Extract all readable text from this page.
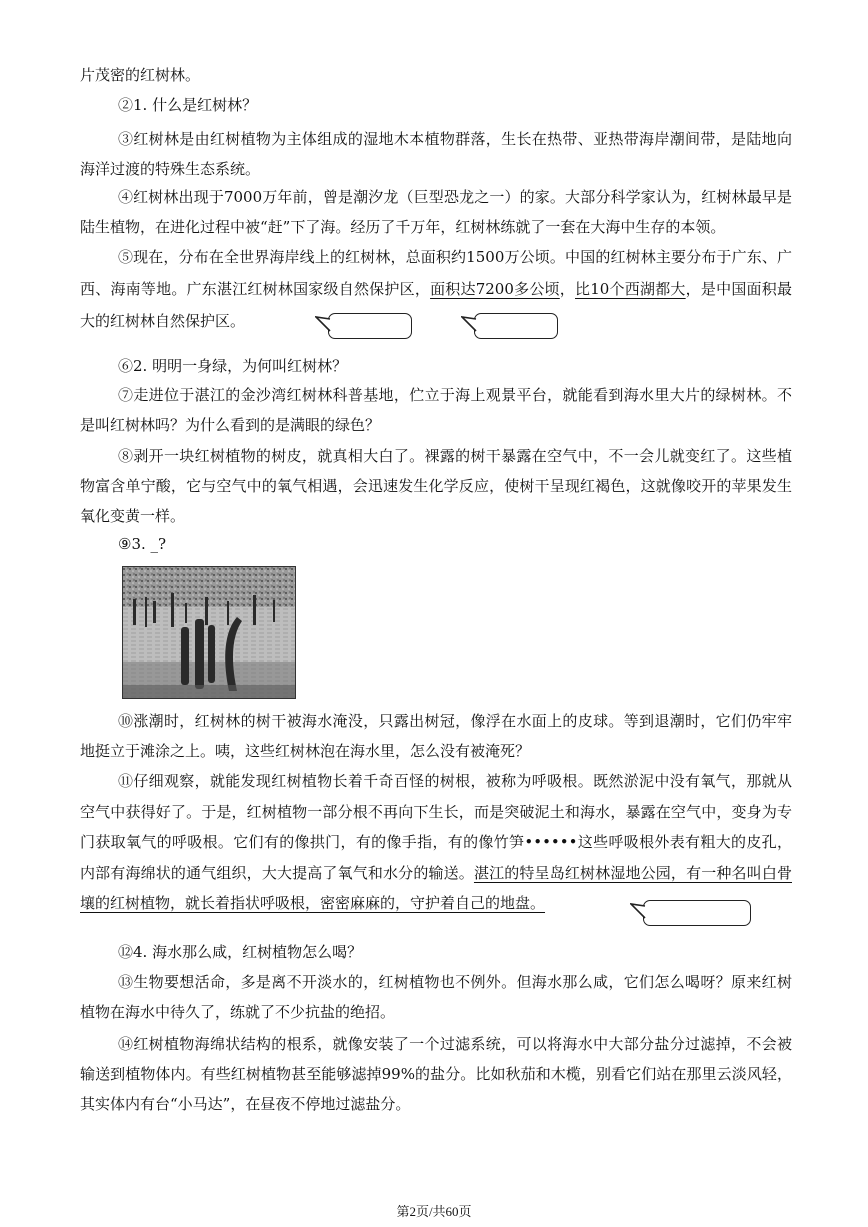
片茂密的红树林。

②1. 什么是红树林？

③红树林是由红树植物为主体组成的湿地木本植物群落，生长在热带、亚热带海岸潮间带，是陆地向海洋过渡的特殊生态系统。

④红树林出现于7000万年前，曾是潮汐龙（巨型恐龙之一）的家。大部分科学家认为，红树林最早是陆生植物，在进化过程中被“赶”下了海。经历了千万年，红树林练就了一套在大海中生存的本领。

⑤现在，分布在全世界海岸线上的红树林，总面积约1500万公顷。中国的红树林主要分布于广东、广西、海南等地。广东湛江红树林国家级自然保护区，面积达7200多公顷，比10个西湖都大，是中国面积最大的红树林自然保护区。

⑥2. 明明一身绿，为何叫红树林？

⑦走进位于湛江的金沙湾红树林科普基地，伫立于海上观景平台，就能看到海水里大片的绿树林。不是叫红树林吗？为什么看到的是满眼的绿色？

⑧剥开一块红树植物的树皮，就真相大白了。裸露的树干暴露在空气中，不一会儿就变红了。这些植物富含单宁酸，它与空气中的氧气相遇，会迅速发生化学反应，使树干呈现红褐色，这就像咬开的苹果发生氧化变黄一样。

⑨3. _?

⑩涨潮时，红树林的树干被海水淹没，只露出树冠，像浮在水面上的皮球。等到退潮时，它们仍牢牢地挺立于滩涂之上。咦，这些红树林泡在海水里，怎么没有被淹死？

⑪仔细观察，就能发现红树植物长着千奇百怪的树根，被称为呼吸根。既然淤泥中没有氧气，那就从空气中获得好了。于是，红树植物一部分根不再向下生长，而是突破泥土和海水，暴露在空气中，变身为专门获取氧气的呼吸根。它们有的像拱门，有的像手指，有的像竹笋••••••这些呼吸根外表有粗大的皮孔，内部有海绵状的通气组织，大大提高了氧气和水分的输送。湛江的特呈岛红树林湿地公园，有一种名叫白骨壤的红树植物，就长着指状呼吸根，密密麻麻的，守护着自己的地盘。

⑫4. 海水那么咸，红树植物怎么喝？

⑬生物要想活命，多是离不开淡水的，红树植物也不例外。但海水那么咸，它们怎么喝呀？原来红树植物在海水中待久了，练就了不少抗盐的绝招。

⑭红树植物海绵状结构的根系，就像安装了一个过滤系统，可以将海水中大部分盐分过滤掉，不会被输送到植物体内。有些红树植物甚至能够滤掉99%的盐分。比如秋茄和木榄，别看它们站在那里云淡风轻，其实体内有台“小马达”，在昼夜不停地过滤盐分。

第2页/共60页
